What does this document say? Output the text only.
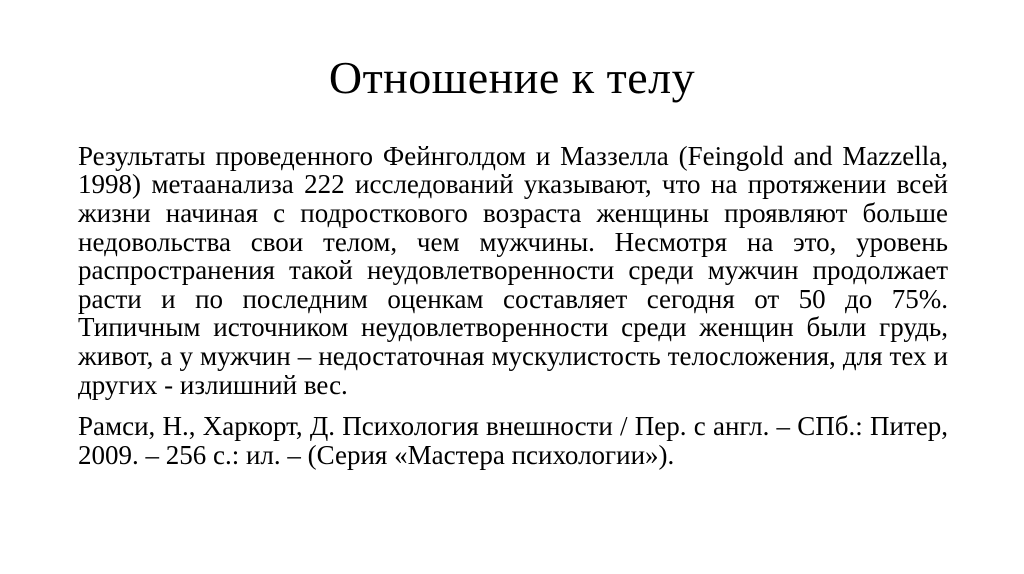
Отношение к телу

Результаты проведенного Фейнголдом и Маззелла (Feingold and Mazzella, 1998) метаанализа 222 исследований указывают, что на протяжении всей жизни начиная с подросткового возраста женщины проявляют больше недовольства свои телом, чем мужчины. Несмотря на это, уровень распространения такой неудовлетворенности среди мужчин продолжает расти и по последним оценкам составляет сегодня от 50 до 75%. Типичным источником неудовлетворенности среди женщин были грудь, живот, а у мужчин – недостаточная мускулистость телосложения, для тех и других - излишний вес.

Рамси, Н., Харкорт, Д. Психология внешности / Пер. с англ. – СПб.: Питер, 2009. – 256 с.: ил. – (Серия «Мастера психологии»).
